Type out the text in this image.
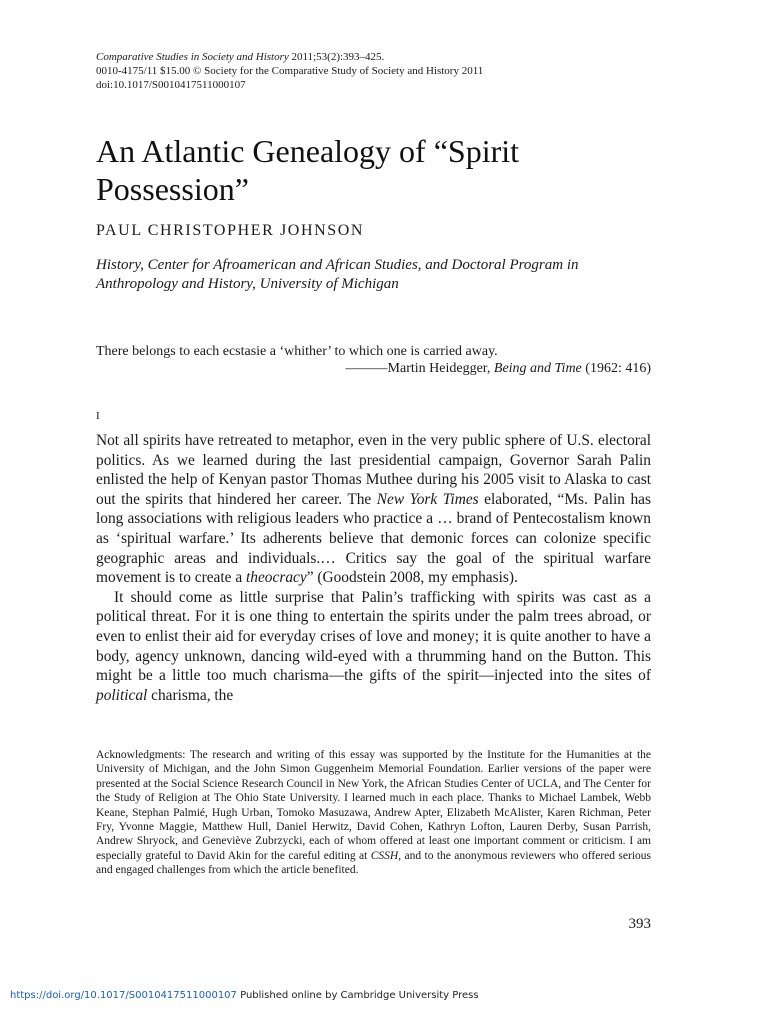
Comparative Studies in Society and History 2011;53(2):393–425.
0010-4175/11 $15.00 © Society for the Comparative Study of Society and History 2011
doi:10.1017/S0010417511000107
An Atlantic Genealogy of “Spirit Possession”
PAUL CHRISTOPHER JOHNSON
History, Center for Afroamerican and African Studies, and Doctoral Program in Anthropology and History, University of Michigan
There belongs to each ecstasie a ‘whither’ to which one is carried away.
———Martin Heidegger, Being and Time (1962: 416)
I

Not all spirits have retreated to metaphor, even in the very public sphere of U.S. electoral politics. As we learned during the last presidential campaign, Governor Sarah Palin enlisted the help of Kenyan pastor Thomas Muthee during his 2005 visit to Alaska to cast out the spirits that hindered her career. The New York Times elaborated, “Ms. Palin has long associations with religious leaders who practice a … brand of Pentecostalism known as ‘spiritual warfare.’ Its adherents believe that demonic forces can colonize specific geographic areas and individuals.… Critics say the goal of the spiritual warfare movement is to create a theocracy” (Goodstein 2008, my emphasis).

It should come as little surprise that Palin’s trafficking with spirits was cast as a political threat. For it is one thing to entertain the spirits under the palm trees abroad, or even to enlist their aid for everyday crises of love and money; it is quite another to have a body, agency unknown, dancing wild-eyed with a thrumming hand on the Button. This might be a little too much charisma—the gifts of the spirit—injected into the sites of political charisma, the

Acknowledgments: The research and writing of this essay was supported by the Institute for the Humanities at the University of Michigan, and the John Simon Guggenheim Memorial Foundation. Earlier versions of the paper were presented at the Social Science Research Council in New York, the African Studies Center of UCLA, and The Center for the Study of Religion at The Ohio State University. I learned much in each place. Thanks to Michael Lambek, Webb Keane, Stephan Palmié, Hugh Urban, Tomoko Masuzawa, Andrew Apter, Elizabeth McAlister, Karen Richman, Peter Fry, Yvonne Maggie, Matthew Hull, Daniel Herwitz, David Cohen, Kathryn Lofton, Lauren Derby, Susan Parrish, Andrew Shryock, and Geneviève Zubrzycki, each of whom offered at least one important comment or criticism. I am especially grateful to David Akin for the careful editing at CSSH, and to the anonymous reviewers who offered serious and engaged challenges from which the article benefited.
393
https://doi.org/10.1017/S0010417511000107 Published online by Cambridge University Press
